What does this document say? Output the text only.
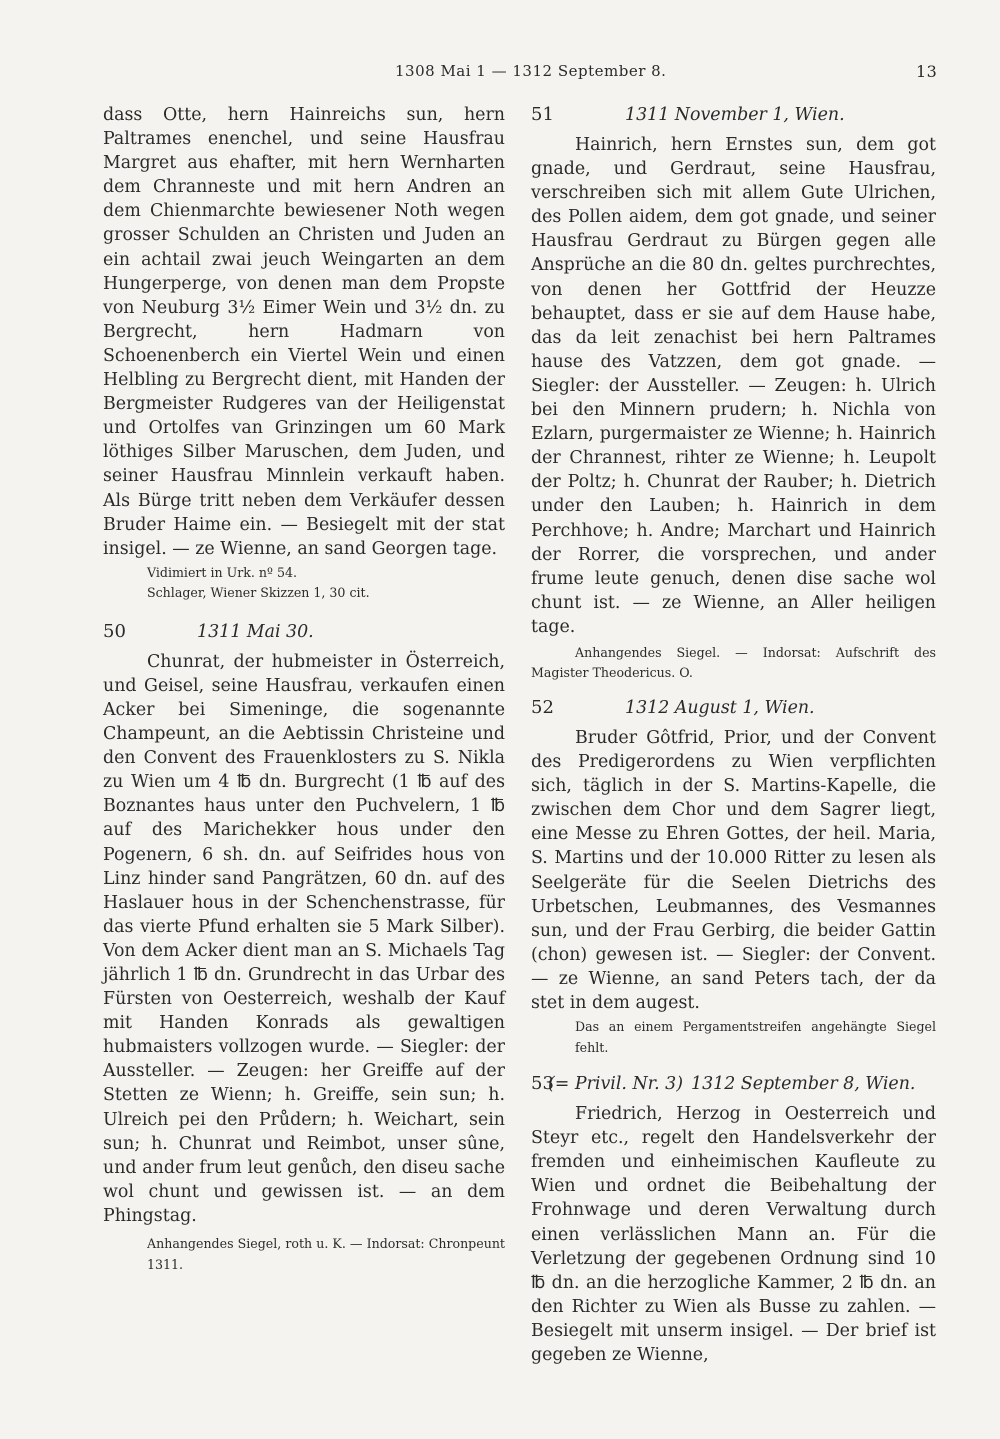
1308 Mai 1 — 1312 September 8.	13

dass Otte, hern Hainreichs sun, hern Paltrames enenchel, und seine Hausfrau Margret aus ehafter, mit hern Wernharten dem Chranneste und mit hern Andren an dem Chienmarchte bewiesener Noth wegen grosser Schulden an Christen und Juden an ein achtail zwai jeuch Weingarten an dem Hungerperge, von denen man dem Propste von Neuburg 3½ Eimer Wein und 3½ dn. zu Bergrecht, hern Hadmarn von Schoenenberch ein Viertel Wein und einen Helbling zu Bergrecht dient, mit Handen der Bergmeister Rudgeres van der Heiligenstat und Ortolfes van Grinzingen um 60 Mark löthiges Silber Maruschen, dem Juden, und seiner Hausfrau Minnlein verkauft haben. Als Bürge tritt neben dem Verkäufer dessen Bruder Haime ein. — Besiegelt mit der stat insigel. — ze Wienne, an sand Georgen tage.

Vidimiert in Urk. nº 54.

Schlager, Wiener Skizzen 1, 30 cit.

50	1311 Mai 30.

Chunrat, der hubmeister in Österreich, und Geisel, seine Hausfrau, verkaufen einen Acker bei Simeninge, die sogenannte Champeunt, an die Aebtissin Christeine und den Convent des Frauenklosters zu S. Nikla zu Wien um 4 ℔ dn. Burgrecht (1 ℔ auf des Boznantes haus unter den Puchvelern, 1 ℔ auf des Marichekker hous under den Pogenern, 6 sh. dn. auf Seifrides hous von Linz hinder sand Pangrätzen, 60 dn. auf des Haslauer hous in der Schenchenstrasse, für das vierte Pfund erhalten sie 5 Mark Silber). Von dem Acker dient man an S. Michaels Tag jährlich 1 ℔ dn. Grundrecht in das Urbar des Fürsten von Oesterreich, weshalb der Kauf mit Handen Konrads als gewaltigen hubmaisters vollzogen wurde. — Siegler: der Aussteller. — Zeugen: her Greiffe auf der Stetten ze Wienn; h. Greiffe, sein sun; h. Ulreich pei den Průdern; h. Weichart, sein sun; h. Chunrat und Reimbot, unser sûne, und ander frum leut genůch, den diseu sache wol chunt und gewissen ist. — an dem Phingstag.

Anhangendes Siegel, roth u. K. — Indorsat: Chronpeunt 1311.

51	1311 November 1, Wien.

Hainrich, hern Ernstes sun, dem got gnade, und Gerdraut, seine Hausfrau, verschreiben sich mit allem Gute Ulrichen, des Pollen aidem, dem got gnade, und seiner Hausfrau Gerdraut zu Bürgen gegen alle Ansprüche an die 80 dn. geltes purchrechtes, von denen her Gottfrid der Heuzze behauptet, dass er sie auf dem Hause habe, das da leit zenachist bei hern Paltrames hause des Vatzzen, dem got gnade. — Siegler: der Aussteller. — Zeugen: h. Ulrich bei den Minnern prudern; h. Nichla von Ezlarn, purgermaister ze Wienne; h. Hainrich der Chrannest, rihter ze Wienne; h. Leupolt der Poltz; h. Chunrat der Rauber; h. Dietrich under den Lauben; h. Hainrich in dem Perchhove; h. Andre; Marchart und Hainrich der Rorrer, die vorsprechen, und ander frume leute genuch, denen dise sache wol chunt ist. — ze Wienne, an Aller heiligen tage.

Anhangendes Siegel. — Indorsat: Aufschrift des Magister Theodericus. O.

52	1312 August 1, Wien.

Bruder Gôtfrid, Prior, und der Convent des Predigerordens zu Wien verpflichten sich, täglich in der S. Martins-Kapelle, die zwischen dem Chor und dem Sagrer liegt, eine Messe zu Ehren Gottes, der heil. Maria, S. Martins und der 10.000 Ritter zu lesen als Seelgeräte für die Seelen Dietrichs des Urbetschen, Leubmannes, des Vesmannes sun, und der Frau Gerbirg, die beider Gattin (chon) gewesen ist. — Siegler: der Convent. — ze Wienne, an sand Peters tach, der da stet in dem augest.

Das an einem Pergamentstreifen angehängte Siegel fehlt.

53
(= Privil. Nr. 3) 1312 September 8, Wien.

Friedrich, Herzog in Oesterreich und Steyr etc., regelt den Handelsverkehr der fremden und einheimischen Kaufleute zu Wien und ordnet die Beibehaltung der Frohnwage und deren Verwaltung durch einen verlässlichen Mann an. Für die Verletzung der gegebenen Ordnung sind 10 ℔ dn. an die herzogliche Kammer, 2 ℔ dn. an den Richter zu Wien als Busse zu zahlen. — Besiegelt mit unserm insigel. — Der brief ist gegeben ze Wienne,
